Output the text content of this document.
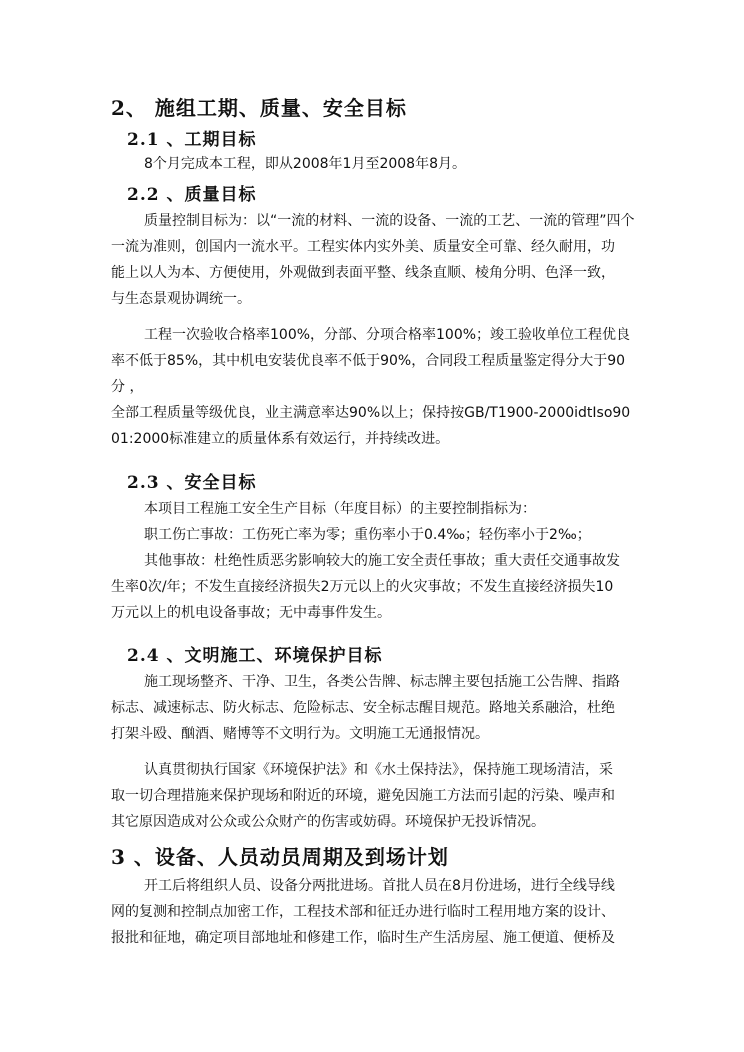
2、 施组工期、质量、安全目标
2.1 、工期目标
8个月完成本工程，即从2008年1月至2008年8月。
2.2 、质量目标
质量控制目标为：以“一流的材料、一流的设备、一流的工艺、一流的管理”四个
一流为准则，创国内一流水平。工程实体内实外美、质量安全可靠、经久耐用，功
能上以人为本、方便使用，外观做到表面平整、线条直顺、棱角分明、色泽一致，
与生态景观协调统一。
工程一次验收合格率100%，分部、分项合格率100%；竣工验收单位工程优良
率不低于85%，其中机电安装优良率不低于90%，合同段工程质量鉴定得分大于90
分 ，
全部工程质量等级优良，业主满意率达90%以上；保持按GB/T1900-2000idtIso90
01:2000标准建立的质量体系有效运行，并持续改进。
2.3 、安全目标
本项目工程施工安全生产目标（年度目标）的主要控制指标为：
职工伤亡事故：工伤死亡率为零；重伤率小于0.4‰；轻伤率小于2‰；
其他事故：杜绝性质恶劣影响较大的施工安全责任事故；重大责任交通事故发
生率0次/年；不发生直接经济损失2万元以上的火灾事故；不发生直接经济损失10
万元以上的机电设备事故；无中毒事件发生。
2.4 、文明施工、环境保护目标
施工现场整齐、干净、卫生，各类公告牌、标志牌主要包括施工公告牌、指路
标志、减速标志、防火标志、危险标志、安全标志醒目规范。路地关系融洽，杜绝
打架斗殴、酗酒、赌博等不文明行为。文明施工无通报情况。
认真贯彻执行国家《环境保护法》和《水土保持法》，保持施工现场清洁，采
取一切合理措施来保护现场和附近的环境，避免因施工方法而引起的污染、噪声和
其它原因造成对公众或公众财产的伤害或妨碍。环境保护无投诉情况。
3 、设备、人员动员周期及到场计划
开工后将组织人员、设备分两批进场。首批人员在8月份进场，进行全线导线
网的复测和控制点加密工作，工程技术部和征迁办进行临时工程用地方案的设计、
报批和征地，确定项目部地址和修建工作，临时生产生活房屋、施工便道、便桥及
